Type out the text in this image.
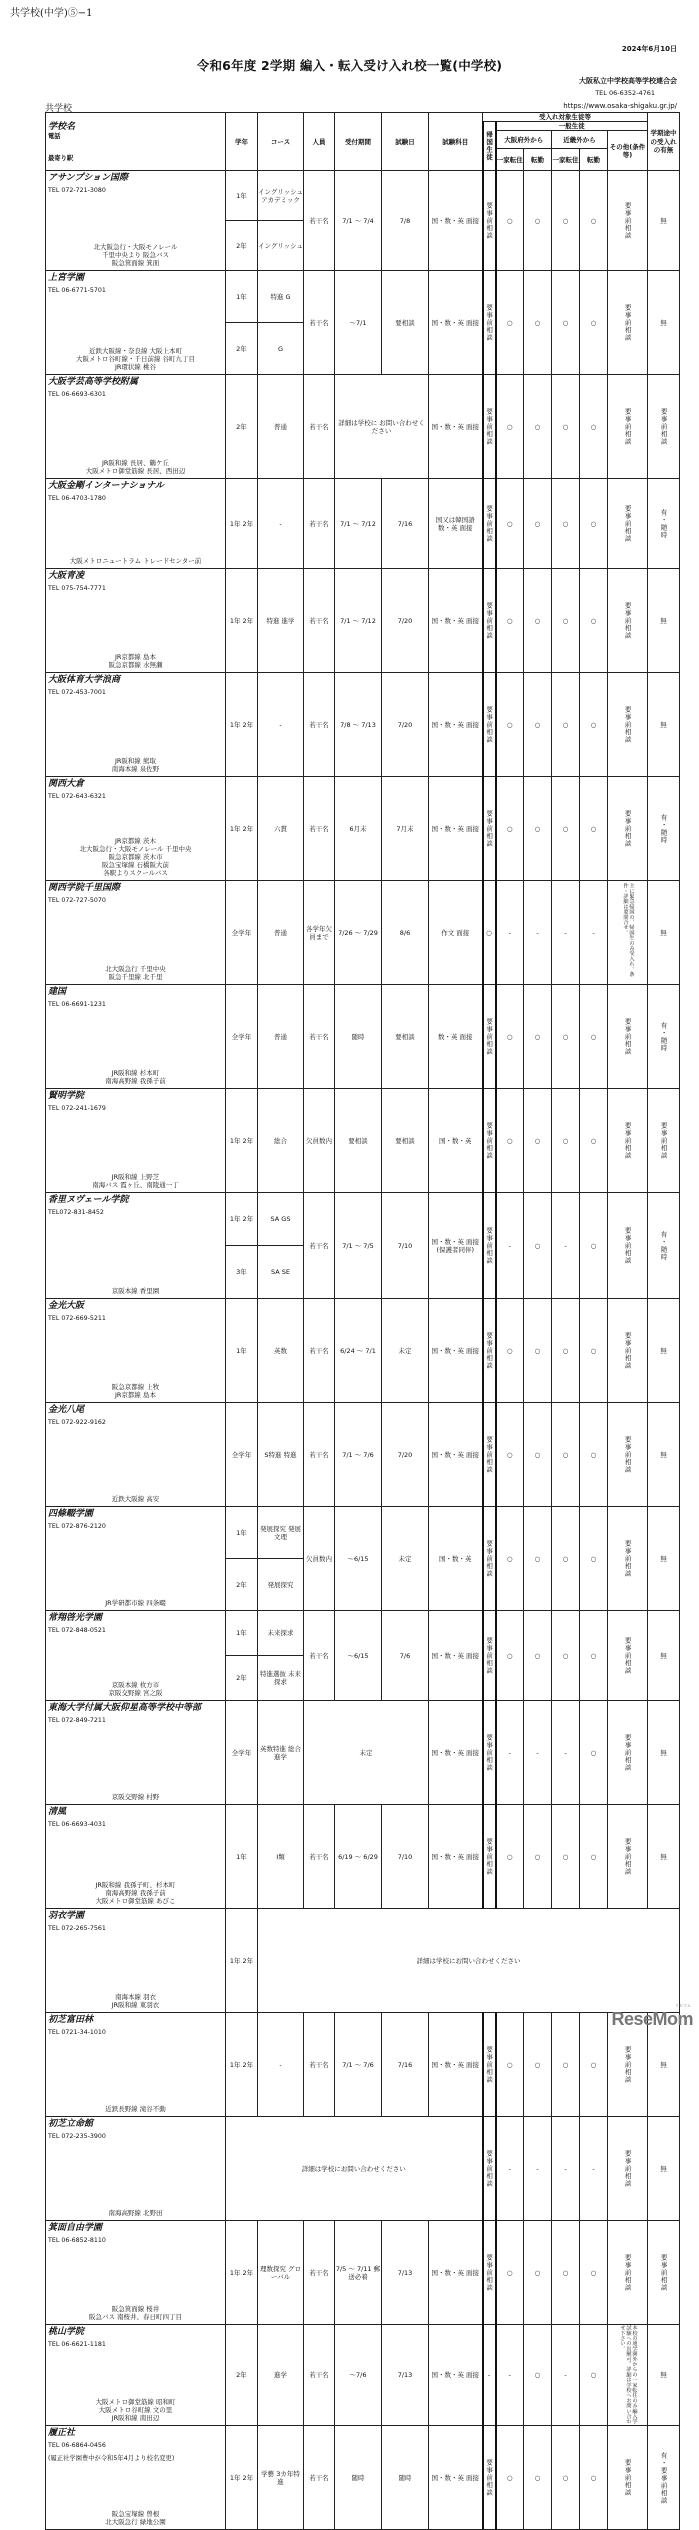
共学校(中学)⑤−1
2024年6月10日
令和6年度 2学期 編入・転入受け入れ校一覧(中学校)
大阪私立中学校高等学校連合会
TEL 06-6352-4761
https://www.osaka-shigaku.gr.jp/
共学校
学校名
電話
最寄り駅	学年	コース	人員	受付期間	試験日	試験科目	受入れ対象生徒等						学期途中の受入れの有無

							帰国生徒	一般生徒					
								大阪府外から		近畿外から		その他(条件等)	
								一家転住	転勤	一家転住	転勤		

アサンプション国際
TEL 072-721-3080
北大阪急行・大阪モノレール
千里中央より 阪急バス
阪急箕面線 箕面	1年	イングリッシュ アカデミック	若干名	7/1 ～ 7/4	7/8	国・数・英 面接	要事前相談	○	○	○	○	要事前相談	無
	2年	イングリッシュ											

上宮学園
TEL 06-6771-5701
近鉄大阪線・奈良線 大阪上本町
大阪メトロ谷町線・千日前線 谷町九丁目
JR環状線 桃谷	1年	特進 G	若干名	～7/1	要相談	国・数・英 面接	要事前相談	○	○	○	○	要事前相談	無
	2年	G											

大阪学芸高等学校附属
TEL 06-6693-6301
JR阪和線 長居、鶴ケ丘
大阪メトロ御堂筋線 長居、西田辺	2年	普通	若干名	詳細は学校に お問い合わせください		国・数・英 面接	要事前相談	○	○	○	○	要事前相談	要事前相談

大阪金剛インターナショナル
TEL 06-4703-1780
大阪メトロニュートラム トレードセンター前	1年 2年	-	若干名	7/1 ～ 7/12	7/16	国又は韓国語 数・英 面接	要事前相談	○	○	○	○	要事前相談	有・随時

大阪青凌
TEL 075-754-7771
JR京都線 島本
阪急京都線 水無瀬	1年 2年	特進 進学	若干名	7/1 ～ 7/12	7/20	国・数・英 面接	要事前相談	○	○	○	○	要事前相談	無

大阪体育大学浪商
TEL 072-453-7001
JR阪和線 熊取
南海本線 泉佐野	1年 2年	-	若干名	7/8 ～ 7/13	7/20	国・数・英 面接	要事前相談	○	○	○	○	要事前相談	無

関西大倉
TEL 072-643-6321
JR京都線 茨木
北大阪急行・大阪モノレール 千里中央
阪急京都線 茨木市
阪急宝塚線 石橋阪大前
各駅よりスクールバス
	1年 2年	六貫	若干名	6月末	7月末	国・数・英 面接	要事前相談	○	○	○	○	要事前相談	有・随時

関西学院千里国際
TEL 072-727-5070
北大阪急行 千里中央
阪急千里線 北千里	全学年	普通	各学年欠員まで	7/26 ～ 7/29	8/6	作文 面接	○	-	-	-	-	主に緊急帰国の、帰国生のみ受入れ。条件・詳細は要問合せ。	無

建国
TEL 06-6691-1231
JR阪和線 杉本町
南海高野線 我孫子前	全学年	普通	若干名	随時	要相談	数・英 面接	要事前相談	○	○	○	○	要事前相談	有・随時

賢明学院
TEL 072-241-1679
JR阪和線 上野芝
南海バス 霞ヶ丘、南陵通一丁	1年 2年	総合	欠員数内	要相談	要相談	国・数・英	要事前相談	○	○	○	○	要事前相談	要事前相談

香里ヌヴェール学院
TEL072-831-8452
京阪本線 香里園	1年 2年	SA GS	若干名	7/1 ～ 7/5	7/10	国・数・英 面接(保護者同伴)	要事前相談	-	○	-	○	要事前相談	有・随時

	3年	SA SE											

金光大阪
TEL 072-669-5211
阪急京都線 上牧
JR京都線 島本	1年	英数	若干名	6/24 ～ 7/1	未定	国・数・英 面接	要事前相談	○	○	○	○	要事前相談	無

金光八尾
TEL 072-922-9162
近鉄大阪線 高安	全学年	S特進 特進	若干名	7/1 ～ 7/6	7/20	国・数・英 面接	要事前相談	○	○	○	○	要事前相談	無

四條畷学園
TEL 072-876-2120
JR学研都市線 四条畷	1年	発展探究 発展文理	欠員数内	～6/15	未定	国・数・英	要事前相談	○	○	○	○	要事前相談	無
	2年	発展探究											

常翔啓光学園
TEL 072-848-0521
京阪本線 枚方市
京阪交野線 宮之阪	1年	未来探求	若干名	～6/15	7/6	国・数・英 面接	要事前相談	○	○	○	○	要事前相談	無
	2年	特進選抜 未来探求											

東海大学付属大阪仰星高等学校中等部
TEL 072-849-7211
京阪交野線 村野	全学年	英数特進 総合進学	未定			国・数・英 面接	要事前相談	-	-	-	○	要事前相談	無

清風
TEL 06-6693-4031
JR阪和線 我孫子町、杉本町
南海高野線 我孫子前
大阪メトロ御堂筋線 あびこ	1年	Ⅰ類	若干名	6/19 ～ 6/29	7/10	国・数・英 面接	要事前相談	○	○	○	○	要事前相談	無

羽衣学園
TEL 072-265-7561
南海本線 羽衣
JR阪和線 東羽衣	1年 2年	詳細は学校にお問い合わせください											

初芝富田林
TEL 0721-34-1010
近鉄長野線 滝谷不動	1年 2年	-	若干名	7/1 ～ 7/6	7/16	国・数・英 面接	要事前相談	○	○	○	○	要事前相談	無

初芝立命館
TEL 072-235-3900
南海高野線 北野田	詳細は学校にお問い合わせください						要事前相談	-	-	-	-	要事前相談	無

箕面自由学園
TEL 06-6852-8110
阪急箕面線 桜井
阪急バス 南桜井、春日町四丁目	1年 2年	理数探究 グローバル	若干名	7/5 ～ 7/11 郵送必着	7/13	国・数・英 面接	要事前相談	○	○	○	○	要事前相談	要事前相談

桃山学院
TEL 06-6621-1181
大阪メトロ御堂筋線 昭和町
大阪メトロ谷町線 文の里
JR阪和線 南田辺	2年	進学	若干名	～7/6	7/13	国・数・英 面接	-	-	○	-	○	本校の通学圏外からの一家転住のみ編入学試験への出願可。詳細は学校へお問い合わせ下さい。	無

履正社
TEL 06-6864-0456
(履正社学園豊中が令和5年4月より校名変更)
阪急宝塚線 曽根
北大阪急行 緑地公園	1年 2年	学藝 3カ年特進	若干名	随時	随時	国・数・英 面接	要事前相談	○	○	○	○	要事前相談	有・要事前相談
リセマム
ReseMom
